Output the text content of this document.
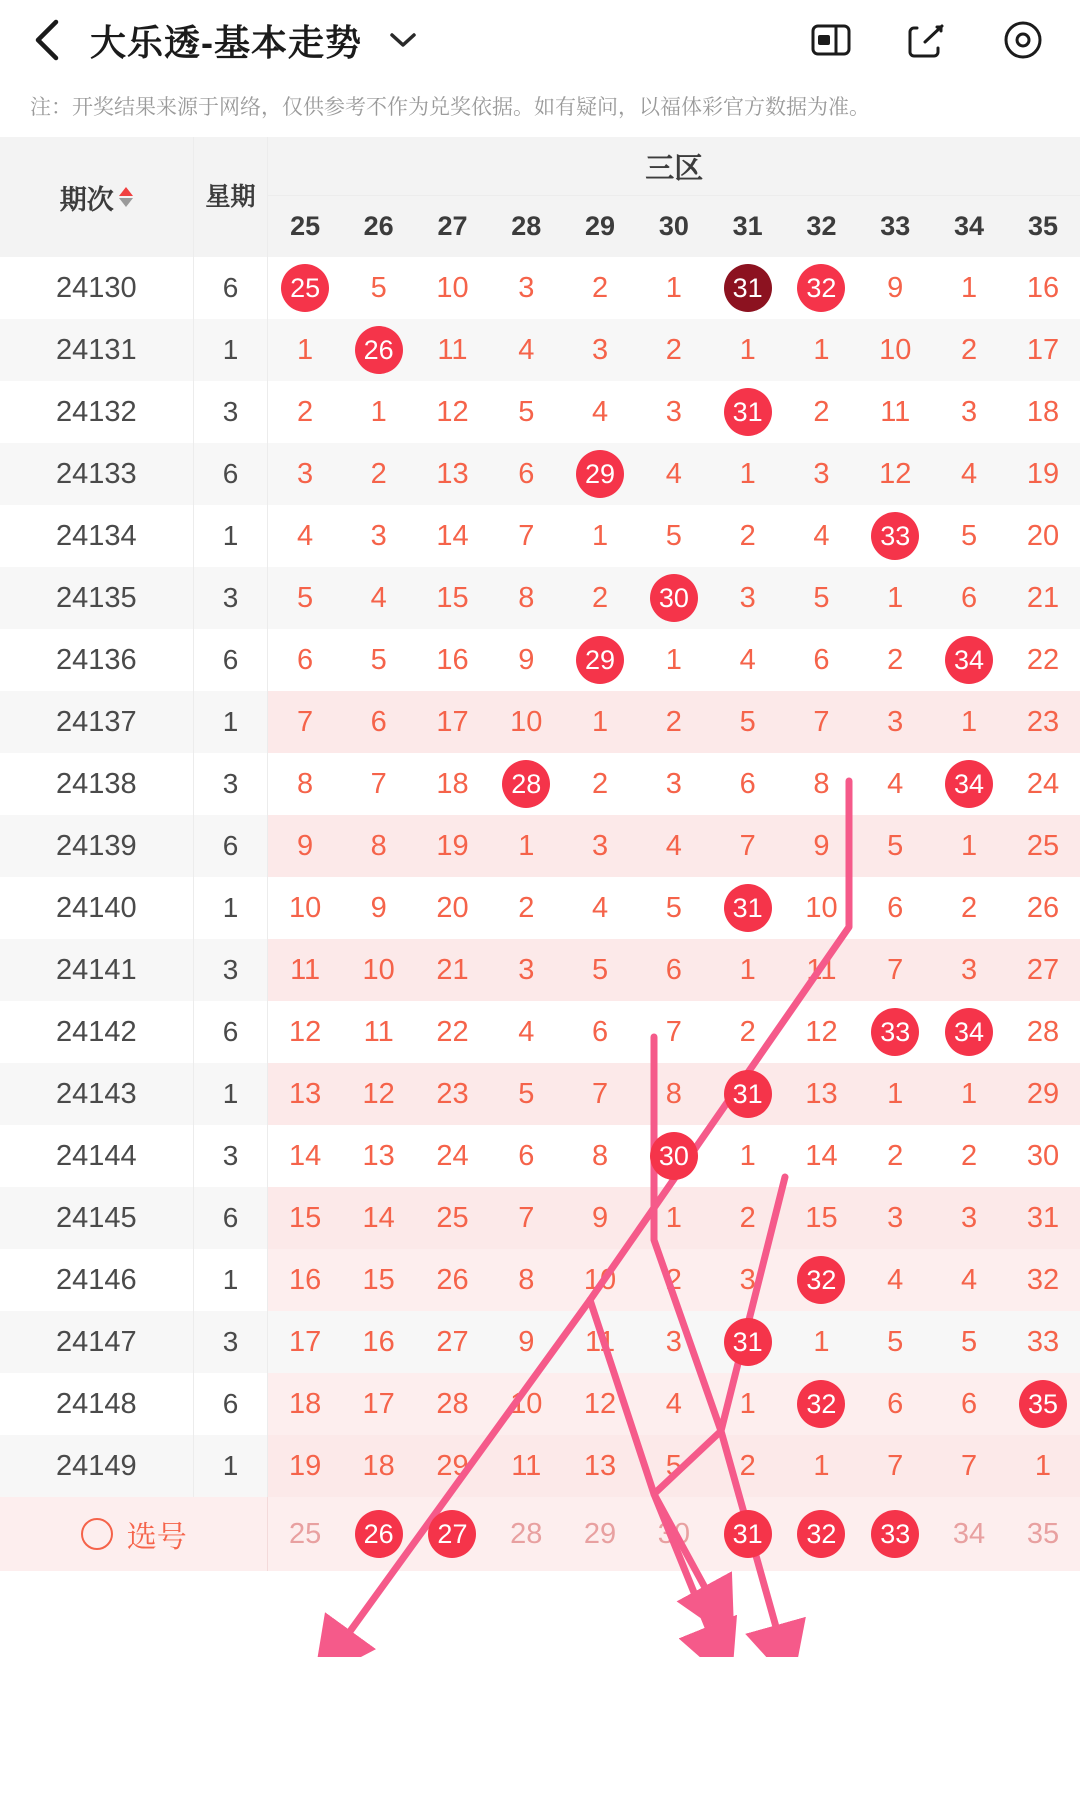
大乐透-基本走势
注：开奖结果来源于网络，仅供参考不作为兑奖依据。如有疑问，以福体彩官方数据为准。
期次	星期	三区										
		25	26	27	28	29	30	31	32	33	34	35
24130	6	25	5	10	3	2	1	31	32	9	1	16
24131	1	1	26	11	4	3	2	1	1	10	2	17
24132	3	2	1	12	5	4	3	31	2	11	3	18
24133	6	3	2	13	6	29	4	1	3	12	4	19
24134	1	4	3	14	7	1	5	2	4	33	5	20
24135	3	5	4	15	8	2	30	3	5	1	6	21
24136	6	6	5	16	9	29	1	4	6	2	34	22
24137	1	7	6	17	10	1	2	5	7	3	1	23
24138	3	8	7	18	28	2	3	6	8	4	34	24
24139	6	9	8	19	1	3	4	7	9	5	1	25
24140	1	10	9	20	2	4	5	31	10	6	2	26
24141	3	11	10	21	3	5	6	1	11	7	3	27
24142	6	12	11	22	4	6	7	2	12	33	34	28
24143	1	13	12	23	5	7	8	31	13	1	1	29
24144	3	14	13	24	6	8	30	1	14	2	2	30
24145	6	15	14	25	7	9	1	2	15	3	3	31
24146	1	16	15	26	8	10	2	3	32	4	4	32
24147	3	17	16	27	9	11	3	31	1	5	5	33
24148	6	18	17	28	10	12	4	1	32	6	6	35
24149	1	19	18	29	11	13	5	2	1	7	7	1

选号		25	26	27	28	29	30	31	32	33	34	35
